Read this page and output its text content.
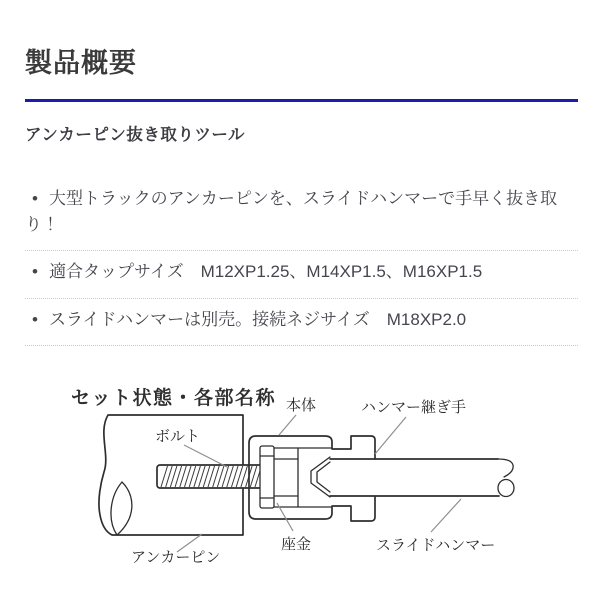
製品概要
アンカーピン抜き取りツール
• 大型トラックのアンカーピンを、スライドハンマーで手早く抜き取り！
• 適合タップサイズ　M12XP1.25、M14XP1.5、M16XP1.5
• スライドハンマーは別売。接続ネジサイズ　M18XP2.0
セット状態・各部名称 本体	ハンマー継ぎ手
ボルト
座金
アンカーピン
スライドハンマー
